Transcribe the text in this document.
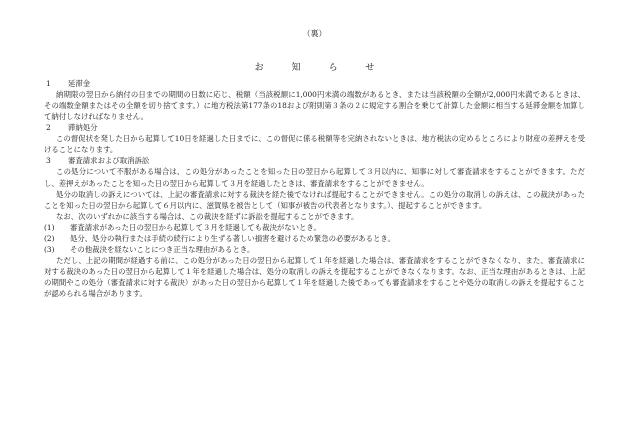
（裏）
お知らせ
1 延滞金

納期限の翌日から納付の日までの期間の日数に応じ、税額（当該税額に1,000円未満の端数があるとき、または当該税額の全額が2,000円未満であるときは、その端数金額またはその全額を切り捨てます。）に地方税法第177条の18および附則第３条の２に規定する割合を乗じて計算した金額に相当する延滞金額を加算して納付しなければなりません。

2 滞納処分

この督促状を発した日から起算して10日を経過した日までに、この督促に係る税額等を完納されないときは、地方税法の定めるところにより財産の差押えを受けることになります。

3 審査請求および取消訴訟

この処分について不服がある場合は、この処分があったことを知った日の翌日から起算して３月以内に、知事に対して審査請求をすることができます。ただし、差押えがあったことを知った日の翌日から起算して３月を経過したときは、審査請求をすることができません。

処分の取消しの訴えについては、上記の審査請求に対する裁決を経た後でなければ提起することができません。この処分の取消しの訴えは、この裁決があったことを知った日の翌日から起算して６月以内に、滋賀県を被告として（知事が被告の代表者となります。）、提起することができます。

なお、次のいずれかに該当する場合は、この裁決を経ずに訴訟を提起することができます。

(1)	審査請求があった日の翌日から起算して３月を経過しても裁決がないとき。
(2)	処分、処分の執行または手続の続行により生ずる著しい損害を避けるため緊急の必要があるとき。
(3)	その他裁決を経ないことにつき正当な理由があるとき。

ただし、上記の期間が経過する前に、この処分があった日の翌日から起算して１年を経過した場合は、審査請求をすることができなくなり、また、審査請求に対する裁決のあった日の翌日から起算して１年を経過した場合は、処分の取消しの訴えを提起することができなくなります。なお、正当な理由があるときは、上記の期間やこの処分（審査請求に対する裁決）があった日の翌日から起算して１年を経過した後であっても審査請求をすることや処分の取消しの訴えを提起することが認められる場合があります。
